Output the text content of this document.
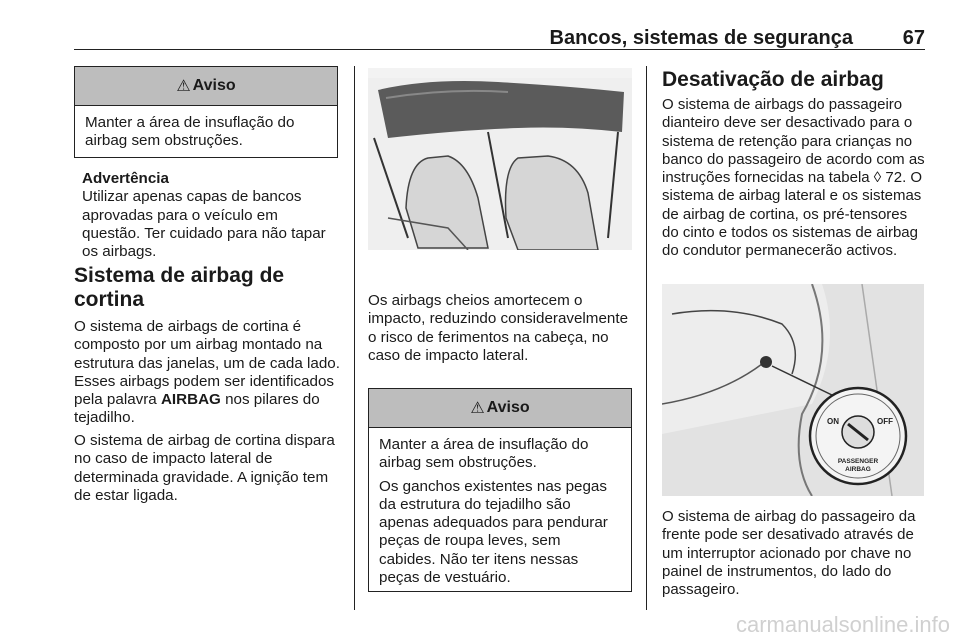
Bancos, sistemas de segurança 67
⚠ Aviso
Manter a área de insuflação do airbag sem obstruções.
Advertência
Utilizar apenas capas de bancos
aprovadas para o veículo em
questão. Ter cuidado para não tapar
os airbags.
Sistema de airbag de
cortina
O sistema de airbags de cortina é composto por um airbag montado na estrutura das janelas, um de cada lado. Esses airbags podem ser identificados pela palavra AIRBAG nos pilares do tejadilho.
O sistema de airbag de cortina dispara no caso de impacto lateral de determinada gravidade. A ignição tem de estar ligada.
Os airbags cheios amortecem o impacto, reduzindo consideravelmente o risco de ferimentos na cabeça, no caso de impacto lateral.
⚠ Aviso
Manter a área de insuflação do airbag sem obstruções.
Os ganchos existentes nas pegas da estrutura do tejadilho são apenas adequados para pendurar peças de roupa leves, sem cabides. Não ter itens nessas peças de vestuário.
Desativação de airbag
O sistema de airbags do passageiro dianteiro deve ser desactivado para o sistema de retenção para crianças no banco do passageiro de acordo com as instruções fornecidas na tabela ◊ 72. O sistema de airbag lateral e os sistemas de airbag de cortina, os pré-tensores do cinto e todos os sistemas de airbag do condutor permanecerão activos.
ON	OFF
PASSENGER
AIRBAG
O sistema de airbag do passageiro da frente pode ser desativado através de um interruptor acionado por chave no painel de instrumentos, do lado do passageiro.
carmanualsonline.info
